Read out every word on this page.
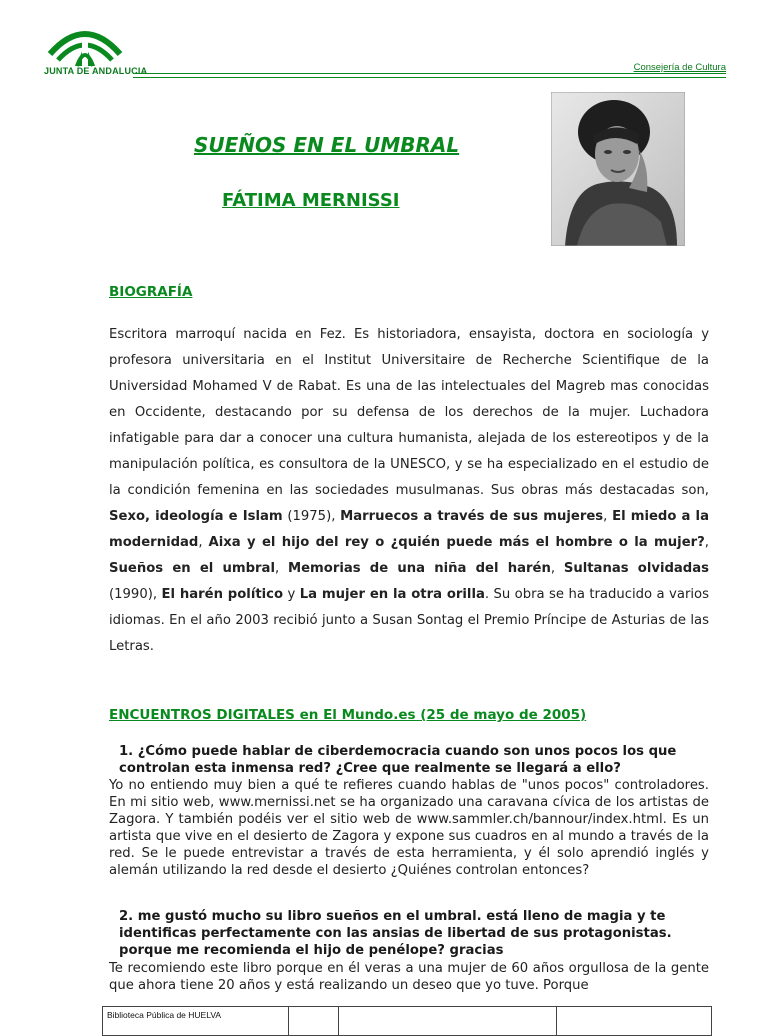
JUNTA DE ANDALUCIA	Consejería de Cultura
SUEÑOS EN EL UMBRAL
FÁTIMA MERNISSI
BIOGRAFÍA
Escritora marroquí nacida en Fez. Es historiadora, ensayista, doctora en sociología y profesora universitaria en el Institut Universitaire de Recherche Scientifique de la Universidad Mohamed V de Rabat. Es una de las intelectuales del Magreb mas conocidas en Occidente, destacando por su defensa de los derechos de la mujer. Luchadora infatigable para dar a conocer una cultura humanista, alejada de los estereotipos y de la manipulación política, es consultora de la UNESCO, y se ha especializado en el estudio de la condición femenina en las sociedades musulmanas. Sus obras más destacadas son, Sexo, ideología e Islam (1975), Marruecos a través de sus mujeres, El miedo a la modernidad, Aixa y el hijo del rey o ¿quién puede más el hombre o la mujer?, Sueños en el umbral, Memorias de una niña del harén, Sultanas olvidadas (1990), El harén político y La mujer en la otra orilla. Su obra se ha traducido a varios idiomas. En el año 2003 recibió junto a Susan Sontag el Premio Príncipe de Asturias de las Letras.
ENCUENTROS DIGITALES en El Mundo.es (25 de mayo de 2005)
1. ¿Cómo puede hablar de ciberdemocracia cuando son unos pocos los que controlan esta inmensa red? ¿Cree que realmente se llegará a ello?
Yo no entiendo muy bien a qué te refieres cuando hablas de "unos pocos" controladores. En mi sitio web, www.mernissi.net se ha organizado una caravana cívica de los artistas de Zagora. Y también podéis ver el sitio web de www.sammler.ch/bannour/index.html. Es un artista que vive en el desierto de Zagora y expone sus cuadros en al mundo a través de la red. Se le puede entrevistar a través de esta herramienta, y él solo aprendió inglés y alemán utilizando la red desde el desierto ¿Quiénes controlan entonces?
2. me gustó mucho su libro sueños en el umbral. está lleno de magia y te identificas perfectamente con las ansias de libertad de sus protagonistas. porque me recomienda el hijo de penélope? gracias
Te recomiendo este libro porque en él veras a una mujer de 60 años orgullosa de la gente que ahora tiene 20 años y está realizando un deseo que yo tuve. Porque
Biblioteca Pública de HUELVA
